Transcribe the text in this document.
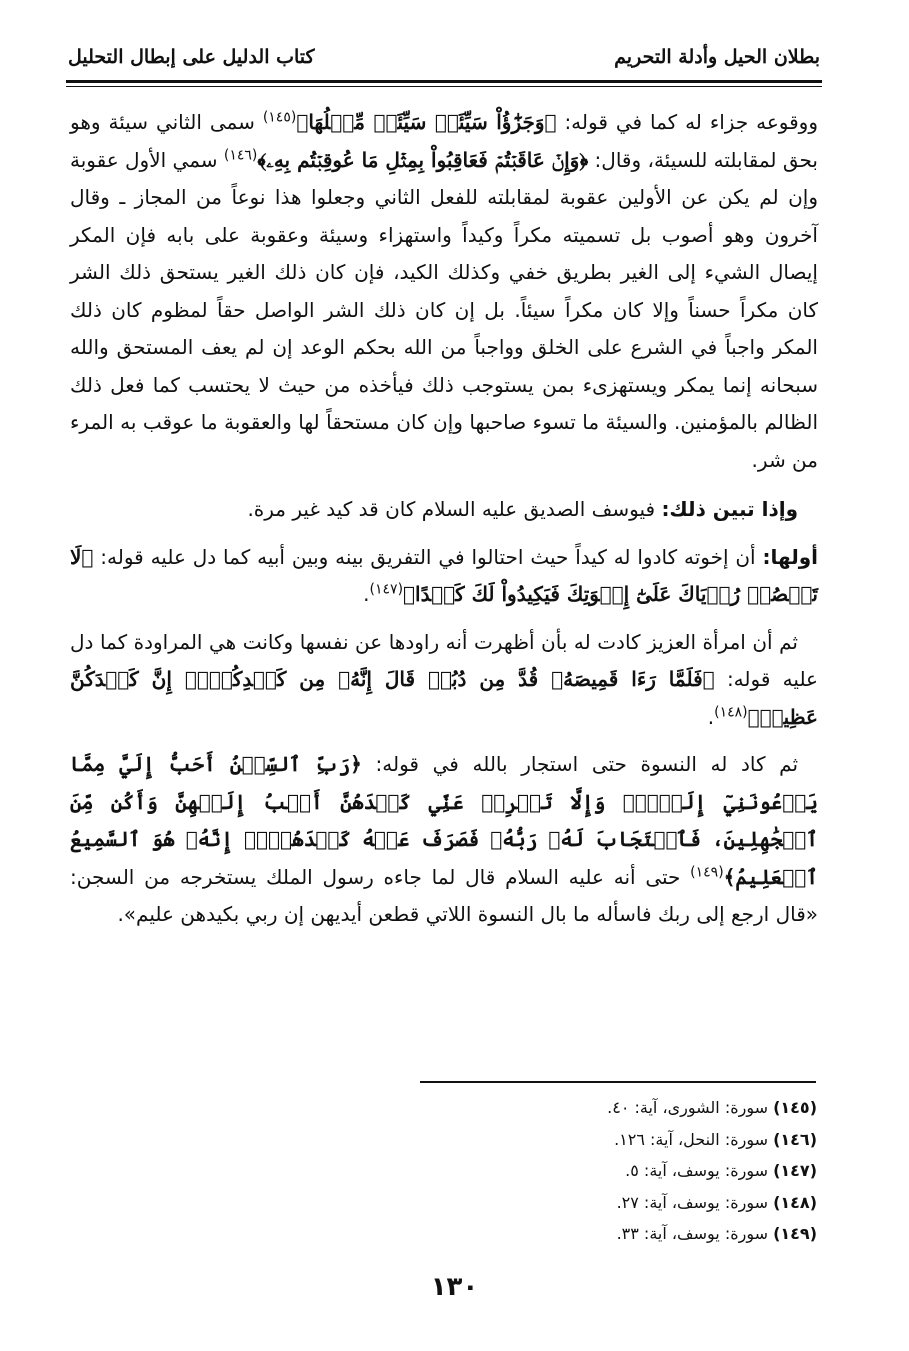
بطلان الحيل وأدلة التحريم
كتاب الدليل على إبطال التحليل

ووقوعه جزاء له كما في قوله: ﴿وَجَزَٰٓؤُاْ سَيِّئَةٖ سَيِّئَةٞ مِّثۡلُهَا﴾$^{(١٤٥)}$ سمى الثاني سيئة وهو بحق لمقابلته للسيئة، وقال: ﴿وَإِنۡ عَاقَبۡتُمۡ فَعَاقِبُواْ بِمِثۡلِ مَا عُوقِبۡتُم بِهِۦ﴾$^{(١٤٦)}$ سمي الأول عقوبة وإن لم يكن عن الأولين عقوبة لمقابلته للفعل الثاني وجعلوا هذا نوعاً من المجاز ـ وقال آخرون وهو أصوب بل تسميته مكراً وكيداً واستهزاء وسيئة وعقوبة على بابه فإن المكر إيصال الشيء إلى الغير بطريق خفي وكذلك الكيد، فإن كان ذلك الغير يستحق ذلك الشر كان مكراً حسناً وإلا كان مكراً سيئاً. بل إن كان ذلك الشر الواصل حقاً لمظوم كان ذلك المكر واجباً في الشرع على الخلق وواجباً من الله بحكم الوعد إن لم يعف المستحق والله سبحانه إنما يمكر ويستهزىء بمن يستوجب ذلك فيأخذه من حيث لا يحتسب كما فعل ذلك الظالم بالمؤمنين. والسيئة ما تسوء صاحبها وإن كان مستحقاً لها والعقوبة ما عوقب به المرء من شر.

 وإذا تبين ذلك: فيوسف الصديق عليه السلام كان قد كيد غير مرة.

أولها: أن إخوته كادوا له كيداً حيث احتالوا في التفريق بينه وبين أبيه كما دل عليه قوله: ﴿لَا تَقۡصُصۡ رُءۡيَاكَ عَلَىٰٓ إِخۡوَتِكَ فَيَكِيدُواْ لَكَ كَيۡدًا﴾$^{(١٤٧)}$.

 ثم أن امرأة العزيز كادت له بأن أظهرت أنه راودها عن نفسها وكانت هي المراودة كما دل عليه قوله: ﴿فَلَمَّا رَءَا قَمِيصَهُۥ قُدَّ مِن دُبُرٖ قَالَ إِنَّهُۥ مِن كَيۡدِكُنَّۖ إِنَّ كَيۡدَكُنَّ عَظِيمٞ﴾$^{(١٤٨)}$.

 ثم كاد له النسوة حتى استجار بالله في قوله: ﴿رَبِّ ٱلسِّجۡنُ أَحَبُّ إِلَيَّ مِمَّا يَدۡعُونَنِيٓ إِلَيۡهِۖ وَإِلَّا تَصۡرِفۡ عَنِّي كَيۡدَهُنَّ أَصۡبُ إِلَيۡهِنَّ وَأَكُن مِّنَ ٱلۡجَٰهِلِينَ، فَٱسۡتَجَابَ لَهُۥ رَبُّهُۥ فَصَرَفَ عَنۡهُ كَيۡدَهُنَّۚ إِنَّهُۥ هُوَ ٱلسَّمِيعُ ٱلۡعَلِيمُ﴾$^{(١٤٩)}$ حتى أنه عليه السلام قال لما جاءه رسول الملك يستخرجه من السجن: «قال ارجع إلى ربك فاسأله ما بال النسوة اللاتي قطعن أيديهن إن ربي بكيدهن عليم».

(١٤٥) سورة: الشورى، آية: ٤٠.

(١٤٦) سورة: النحل، آية: ١٢٦.

(١٤٧) سورة: يوسف، آية: ٥.

(١٤٨) سورة: يوسف، آية: ٢٧.

(١٤٩) سورة: يوسف، آية: ٣٣.

١٣٠
